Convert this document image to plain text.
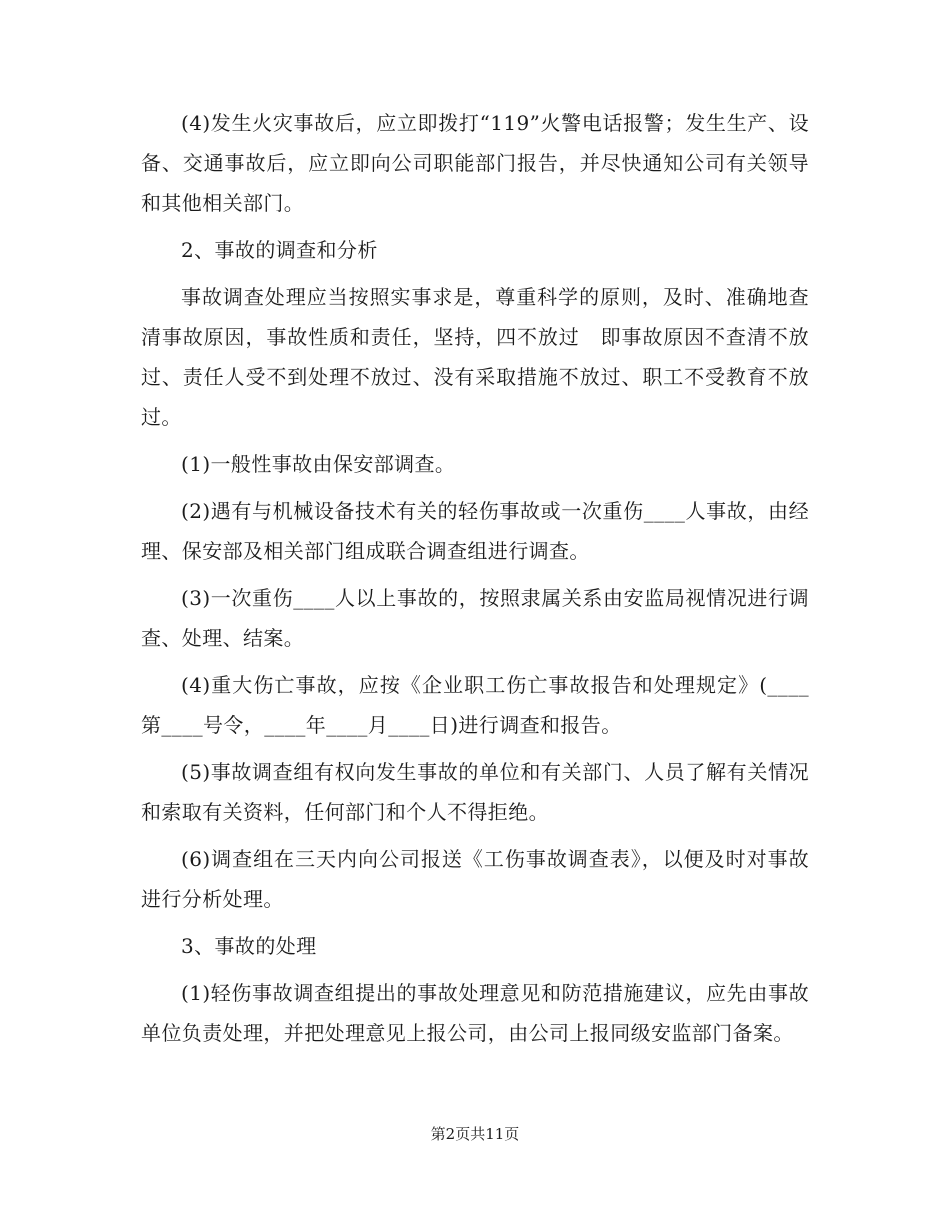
(4)发生火灾事故后，应立即拨打“119”火警电话报警；发生生产、设备、交通事故后，应立即向公司职能部门报告，并尽快通知公司有关领导和其他相关部门。

2、事故的调查和分析

事故调查处理应当按照实事求是，尊重科学的原则，及时、准确地查清事故原因，事故性质和责任，坚持，四不放过　即事故原因不查清不放过、责任人受不到处理不放过、没有采取措施不放过、职工不受教育不放过。

(1)一般性事故由保安部调查。

(2)遇有与机械设备技术有关的轻伤事故或一次重伤____人事故，由经理、保安部及相关部门组成联合调查组进行调查。

(3)一次重伤____人以上事故的，按照隶属关系由安监局视情况进行调查、处理、结案。

(4)重大伤亡事故，应按《企业职工伤亡事故报告和处理规定》(____第____号令，____年____月____日)进行调查和报告。

(5)事故调查组有权向发生事故的单位和有关部门、人员了解有关情况和索取有关资料，任何部门和个人不得拒绝。

(6)调查组在三天内向公司报送《工伤事故调查表》，以便及时对事故进行分析处理。

3、事故的处理

(1)轻伤事故调查组提出的事故处理意见和防范措施建议，应先由事故单位负责处理，并把处理意见上报公司，由公司上报同级安监部门备案。

第2页共11页
